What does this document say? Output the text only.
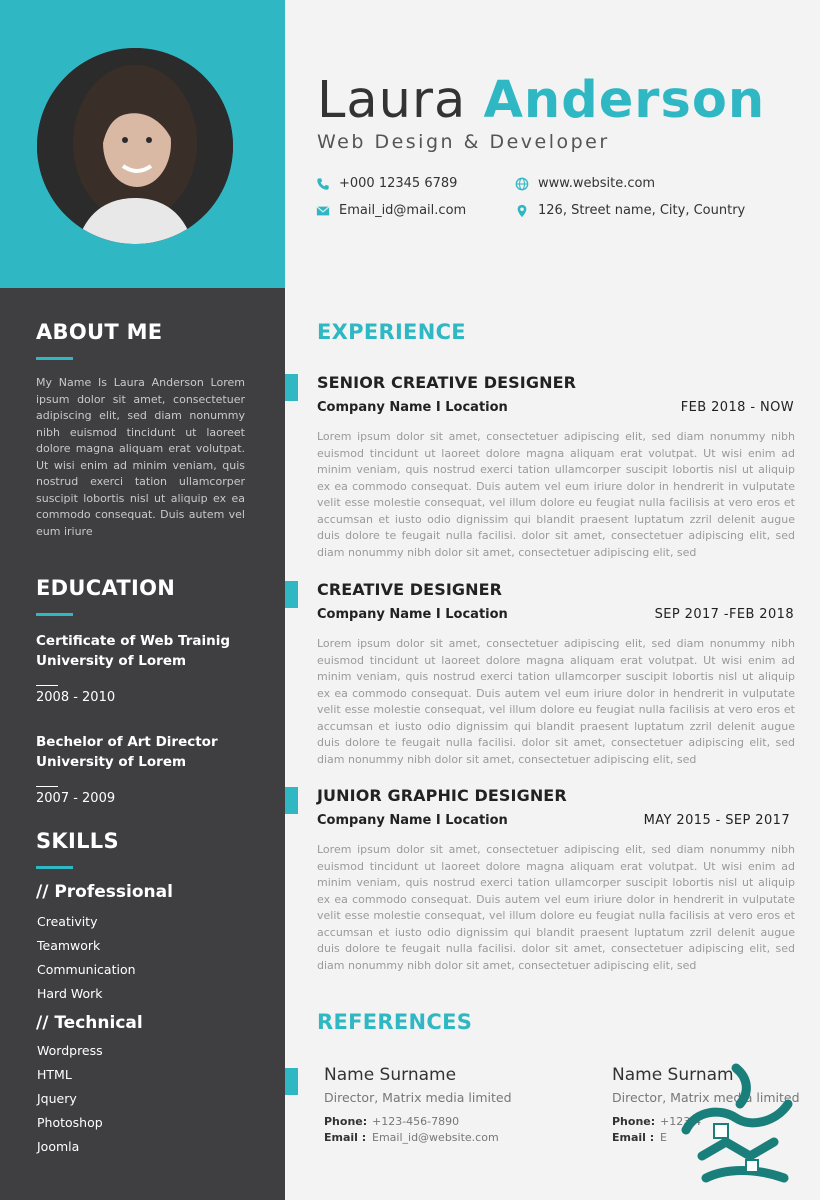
ABOUT ME
My Name Is Laura Anderson Lorem ipsum dolor sit amet, consectetuer adipiscing elit, sed diam nonummy nibh euismod tincidunt ut laoreet dolore magna aliquam erat volutpat. Ut wisi enim ad minim veniam, quis nostrud exerci tation ullamcorper suscipit lobortis nisl ut aliquip ex ea commodo consequat. Duis autem vel eum iriure
EDUCATION
Certificate of Web Trainig
University of Lorem
2008 - 2010
Bechelor of Art Director
University of Lorem
2007 - 2009
SKILLS
// Professional
Creativity
Teamwork
Communication
Hard Work
// Technical
Wordpress
HTML
Jquery
Photoshop
Joomla
Laura Anderson
Web Design & Developer
+000 12345 6789
Email_id@mail.com
www.website.com
126, Street name, City, Country
EXPERIENCE
SENIOR CREATIVE DESIGNER
Company Name I Location	FEB 2018 - NOW
Lorem ipsum dolor sit amet, consectetuer adipiscing elit, sed diam nonummy nibh euismod tincidunt ut laoreet dolore magna aliquam erat volutpat. Ut wisi enim ad minim veniam, quis nostrud exerci tation ullamcorper suscipit lobortis nisl ut aliquip ex ea commodo consequat. Duis autem vel eum iriure dolor in hendrerit in vulputate velit esse molestie consequat, vel illum dolore eu feugiat nulla facilisis at vero eros et accumsan et iusto odio dignissim qui blandit praesent luptatum zzril delenit augue duis dolore te feugait nulla facilisi. dolor sit amet, consectetuer adipiscing elit, sed diam nonummy nibh dolor sit amet, consectetuer adipiscing elit, sed
CREATIVE DESIGNER
Company Name I Location	SEP 2017 -FEB 2018
Lorem ipsum dolor sit amet, consectetuer adipiscing elit, sed diam nonummy nibh euismod tincidunt ut laoreet dolore magna aliquam erat volutpat. Ut wisi enim ad minim veniam, quis nostrud exerci tation ullamcorper suscipit lobortis nisl ut aliquip ex ea commodo consequat. Duis autem vel eum iriure dolor in hendrerit in vulputate velit esse molestie consequat, vel illum dolore eu feugiat nulla facilisis at vero eros et accumsan et iusto odio dignissim qui blandit praesent luptatum zzril delenit augue duis dolore te feugait nulla facilisi. dolor sit amet, consectetuer adipiscing elit, sed diam nonummy nibh dolor sit amet, consectetuer adipiscing elit, sed
JUNIOR GRAPHIC DESIGNER
Company Name I Location	MAY 2015 - SEP 2017
Lorem ipsum dolor sit amet, consectetuer adipiscing elit, sed diam nonummy nibh euismod tincidunt ut laoreet dolore magna aliquam erat volutpat. Ut wisi enim ad minim veniam, quis nostrud exerci tation ullamcorper suscipit lobortis nisl ut aliquip ex ea commodo consequat. Duis autem vel eum iriure dolor in hendrerit in vulputate velit esse molestie consequat, vel illum dolore eu feugiat nulla facilisis at vero eros et accumsan et iusto odio dignissim qui blandit praesent luptatum zzril delenit augue duis dolore te feugait nulla facilisi. dolor sit amet, consectetuer adipiscing elit, sed diam nonummy nibh dolor sit amet, consectetuer adipiscing elit, sed
REFERENCES
Name Surname
Director, Matrix media limited
Phone: +123-456-7890
Email : Email_id@website.com
Name Surnam
Director, Matrix media limited
Phone: +123-4
Email : E
